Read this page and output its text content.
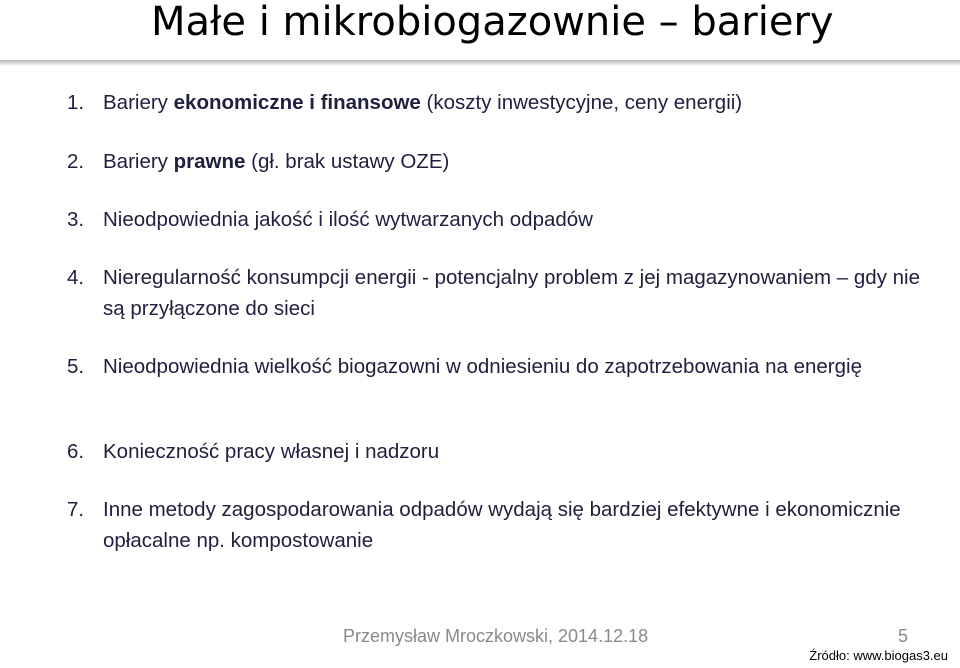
Małe i mikrobiogazownie – bariery
1. Bariery ekonomiczne i finansowe (koszty inwestycyjne, ceny energii)
2. Bariery prawne (gł. brak ustawy OZE)
3. Nieodpowiednia jakość i ilość wytwarzanych odpadów
4. Nieregularność konsumpcji energii - potencjalny problem z jej magazynowaniem – gdy nie są przyłączone do sieci
5. Nieodpowiednia wielkość biogazowni w odniesieniu do zapotrzebowania na energię
6. Konieczność pracy własnej i nadzoru
7. Inne metody zagospodarowania odpadów wydają się bardziej efektywne i ekonomicznie opłacalne np. kompostowanie
Przemysław Mroczkowski, 2014.12.18	5
Źródło: www.biogas3.eu
